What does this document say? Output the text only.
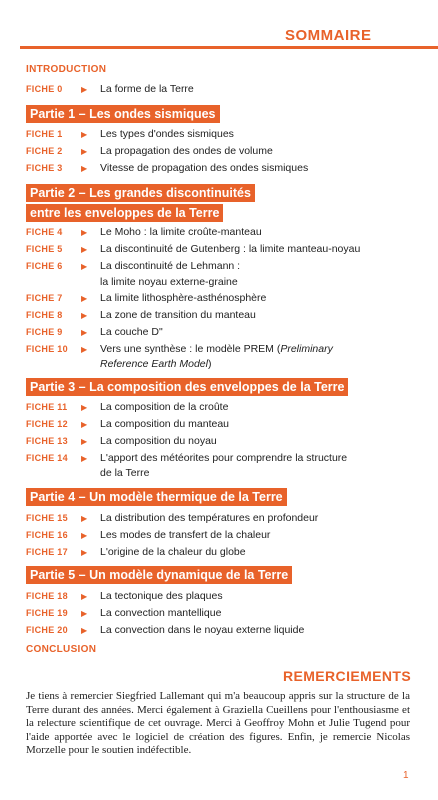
SOMMAIRE
INTRODUCTION
FICHE 0	▶ La forme de la Terre
Partie 1 – Les ondes sismiques
FICHE 1	▶ Les types d'ondes sismiques
FICHE 2	▶ La propagation des ondes de volume
FICHE 3	▶ Vitesse de propagation des ondes sismiques
Partie 2 – Les grandes discontinuités
entre les enveloppes de la Terre
FICHE 4	▶ Le Moho : la limite croûte-manteau
FICHE 5	▶ La discontinuité de Gutenberg : la limite manteau-noyau
FICHE 6	▶ La discontinuité de Lehmann :
la limite noyau externe-graine
FICHE 7	▶ La limite lithosphère-asthénosphère
FICHE 8	▶ La zone de transition du manteau
FICHE 9	▶ La couche D"
FICHE 10	▶ Vers une synthèse : le modèle PREM (Preliminary
Reference Earth Model)
Partie 3 – La composition des enveloppes de la Terre
FICHE 11	▶ La composition de la croûte
FICHE 12	▶ La composition du manteau
FICHE 13	▶ La composition du noyau
FICHE 14	▶ L'apport des météorites pour comprendre la structure
de la Terre
Partie 4 – Un modèle thermique de la Terre
FICHE 15	▶ La distribution des températures en profondeur
FICHE 16	▶ Les modes de transfert de la chaleur
FICHE 17	▶ L'origine de la chaleur du globe
Partie 5 – Un modèle dynamique de la Terre
FICHE 18	▶ La tectonique des plaques
FICHE 19	▶ La convection mantellique
FICHE 20	▶ La convection dans le noyau externe liquide
CONCLUSION
REMERCIEMENTS
Je tiens à remercier Siegfried Lallemant qui m'a beaucoup appris sur la structure de la Terre durant des années. Merci également à Graziella Cueillens pour l'enthousiasme et la relecture scientifique de cet ouvrage. Merci à Geoffroy Mohn et Julie Tugend pour l'aide apportée avec le logiciel de création des figures. Enfin, je remercie Nicolas Morzelle pour le soutien indéfectible.
1
